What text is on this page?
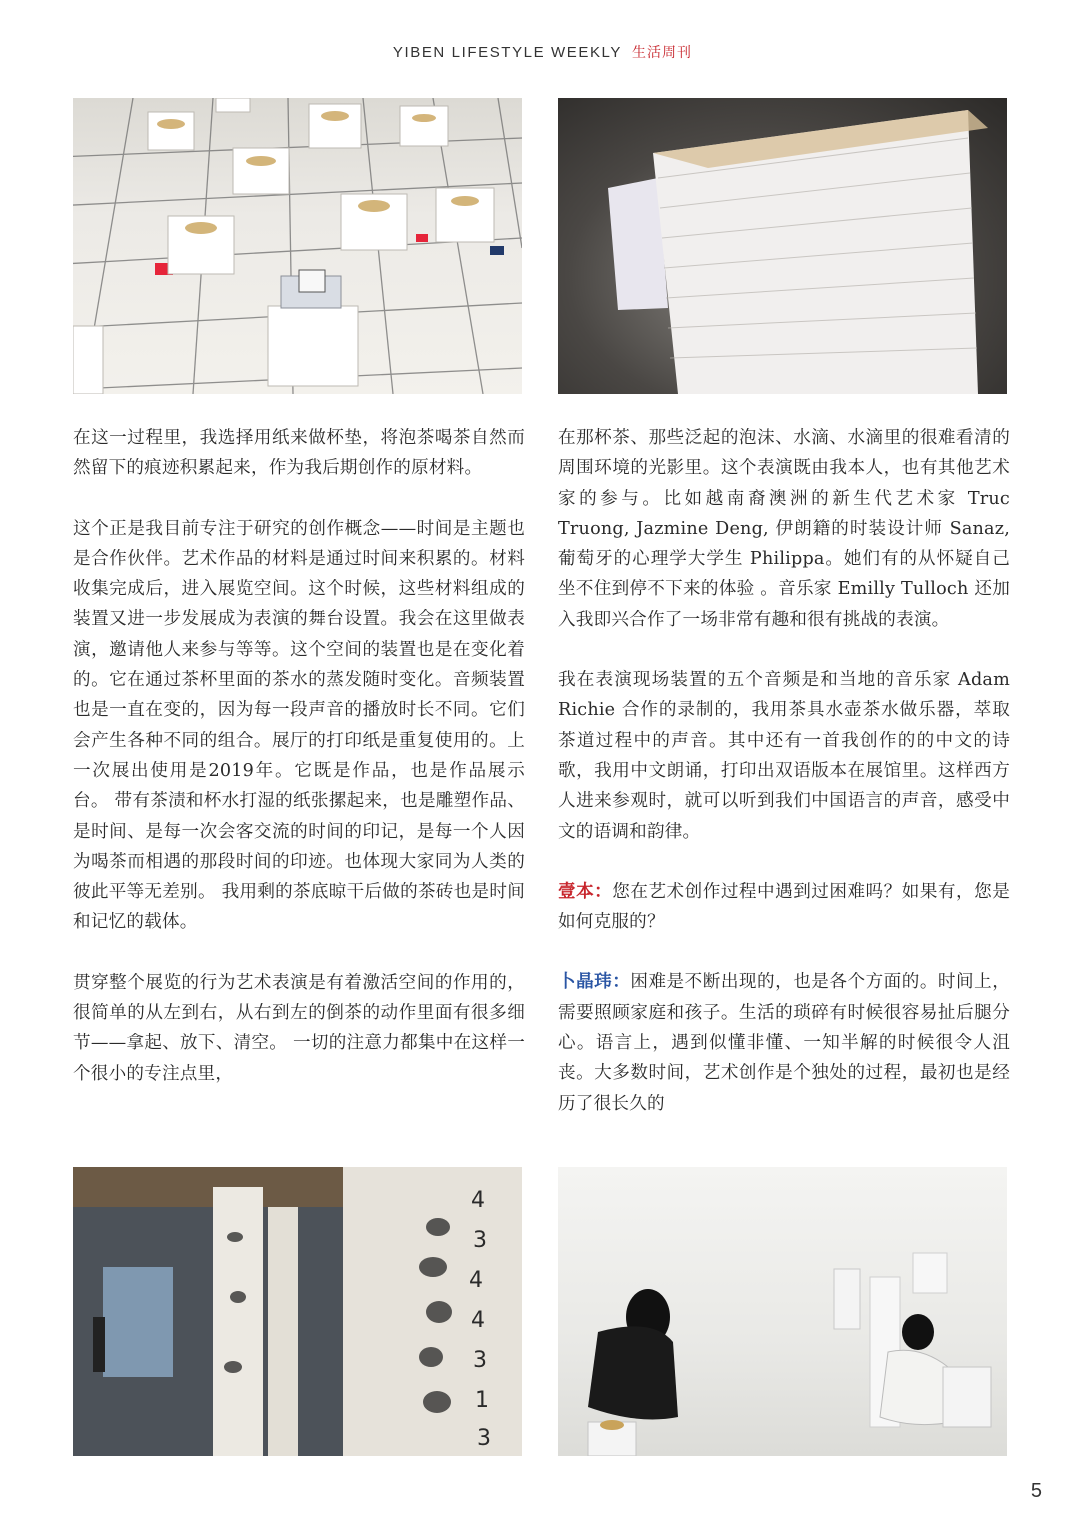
YIBEN LIFESTYLE WEEKLY 生活周刊

在这一过程里，我选择用纸来做杯垫，将泡茶喝茶自然而然留下的痕迹积累起来，作为我后期创作的原材料。

这个正是我目前专注于研究的创作概念——时间是主题也是合作伙伴。艺术作品的材料是通过时间来积累的。材料收集完成后，进入展览空间。这个时候，这些材料组成的装置又进一步发展成为表演的舞台设置。我会在这里做表演，邀请他人来参与等等。这个空间的装置也是在变化着的。它在通过茶杯里面的茶水的蒸发随时变化。音频装置也是一直在变的，因为每一段声音的播放时长不同。它们会产生各种不同的组合。展厅的打印纸是重复使用的。上一次展出使用是2019年。它既是作品，也是作品展示台。 带有茶渍和杯水打湿的纸张摞起来，也是雕塑作品、是时间、是每一次会客交流的时间的印记，是每一个人因为喝茶而相遇的那段时间的印迹。也体现大家同为人类的彼此平等无差别。 我用剩的茶底晾干后做的茶砖也是时间和记忆的载体。

贯穿整个展览的行为艺术表演是有着激活空间的作用的，很简单的从左到右，从右到左的倒茶的动作里面有很多细节——拿起、放下、清空。 一切的注意力都集中在这样一个很小的专注点里，

在那杯茶、那些泛起的泡沫、水滴、水滴里的很难看清的周围环境的光影里。这个表演既由我本人，也有其他艺术家的参与。比如越南裔澳洲的新生代艺术家 Truc Truong, Jazmine Deng, 伊朗籍的时装设计师 Sanaz, 葡萄牙的心理学大学生 Philippa。她们有的从怀疑自己坐不住到停不下来的体验 。音乐家 Emilly Tulloch 还加入我即兴合作了一场非常有趣和很有挑战的表演。

我在表演现场装置的五个音频是和当地的音乐家 Adam Richie 合作的录制的，我用茶具水壶茶水做乐器，萃取茶道过程中的声音。其中还有一首我创作的的中文的诗歌，我用中文朗诵，打印出双语版本在展馆里。这样西方人进来参观时，就可以听到我们中国语言的声音，感受中文的语调和韵律。

壹本：您在艺术创作过程中遇到过困难吗？如果有，您是如何克服的？

卜晶玮：困难是不断出现的，也是各个方面的。时间上，需要照顾家庭和孩子。生活的琐碎有时候很容易扯后腿分心。语言上，遇到似懂非懂、一知半解的时候很令人沮丧。大多数时间，艺术创作是个独处的过程，最初也是经历了很长久的

4
3
4
4
3
1
3
5
